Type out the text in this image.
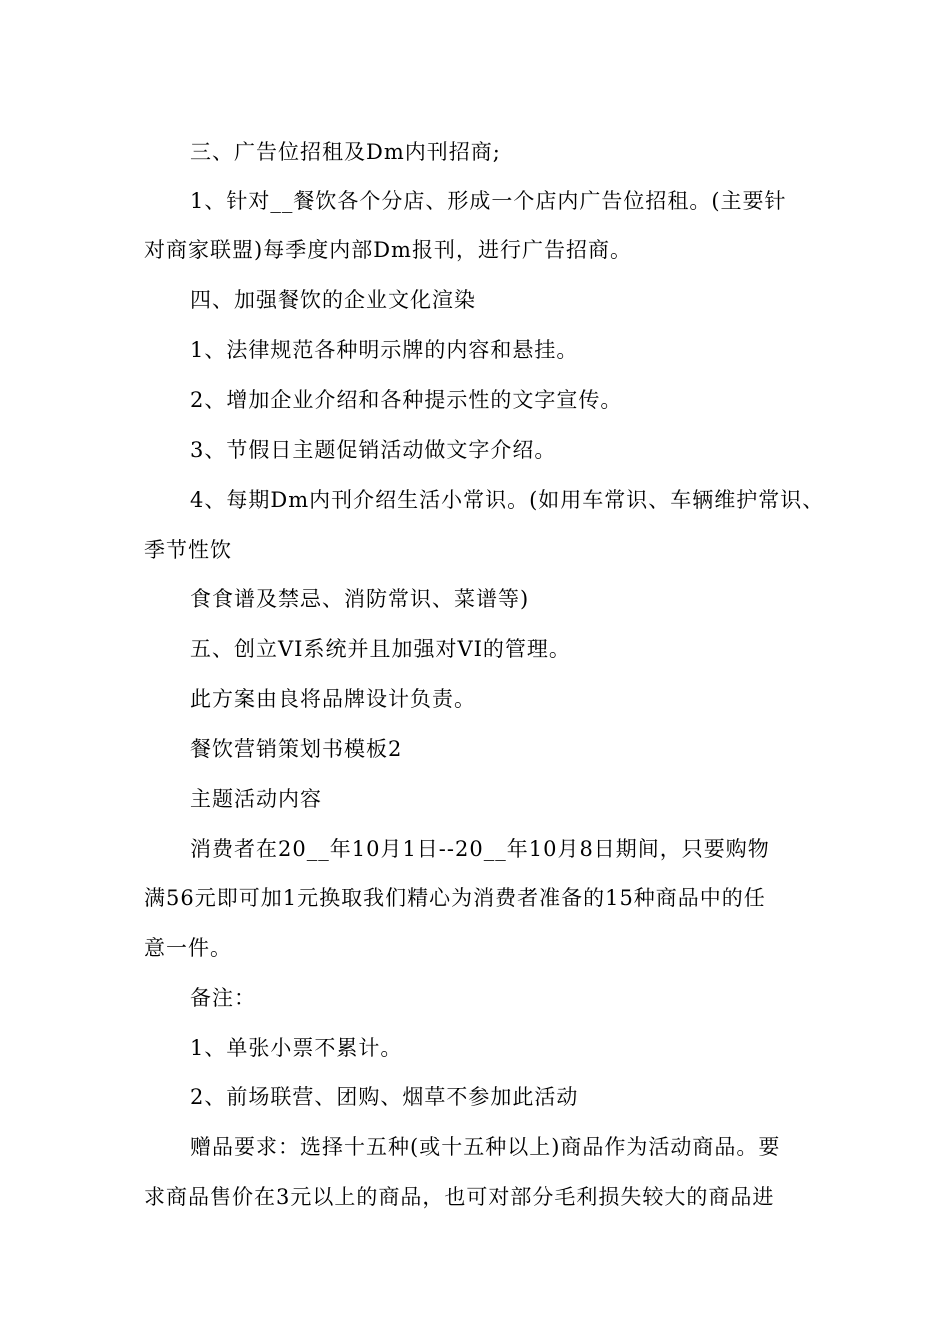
三、广告位招租及Dm内刊招商;
1、针对__餐饮各个分店、形成一个店内广告位招租。(主要针
对商家联盟)每季度内部Dm报刊，进行广告招商。
四、加强餐饮的企业文化渲染
1、法律规范各种明示牌的内容和悬挂。
2、增加企业介绍和各种提示性的文字宣传。
3、节假日主题促销活动做文字介绍。
4、每期Dm内刊介绍生活小常识。(如用车常识、车辆维护常识、
季节性饮
食食谱及禁忌、消防常识、菜谱等)
五、创立VI系统并且加强对VI的管理。
此方案由良将品牌设计负责。
餐饮营销策划书模板2
主题活动内容
消费者在20__年10月1日--20__年10月8日期间，只要购物
满56元即可加1元换取我们精心为消费者准备的15种商品中的任
意一件。
备注：
1、单张小票不累计。
2、前场联营、团购、烟草不参加此活动
赠品要求：选择十五种(或十五种以上)商品作为活动商品。要
求商品售价在3元以上的商品，也可对部分毛利损失较大的商品进
